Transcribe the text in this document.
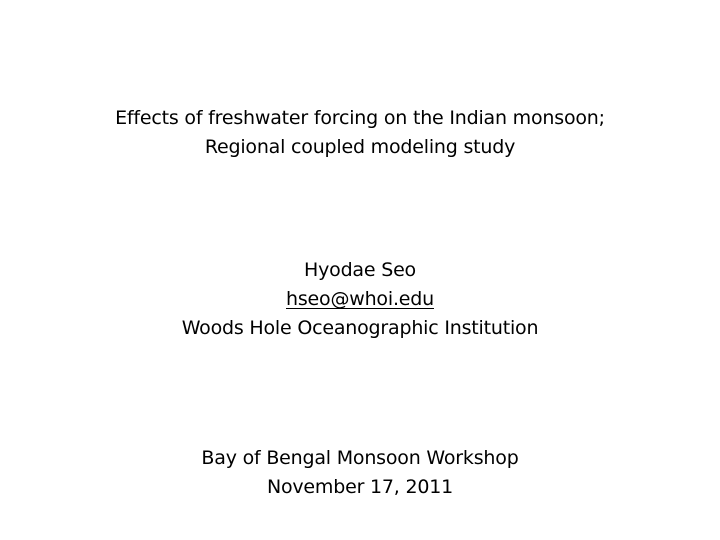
Effects of freshwater forcing on the Indian monsoon;
Regional coupled modeling study
Hyodae Seo
hseo@whoi.edu
Woods Hole Oceanographic Institution
Bay of Bengal Monsoon Workshop
November 17, 2011
